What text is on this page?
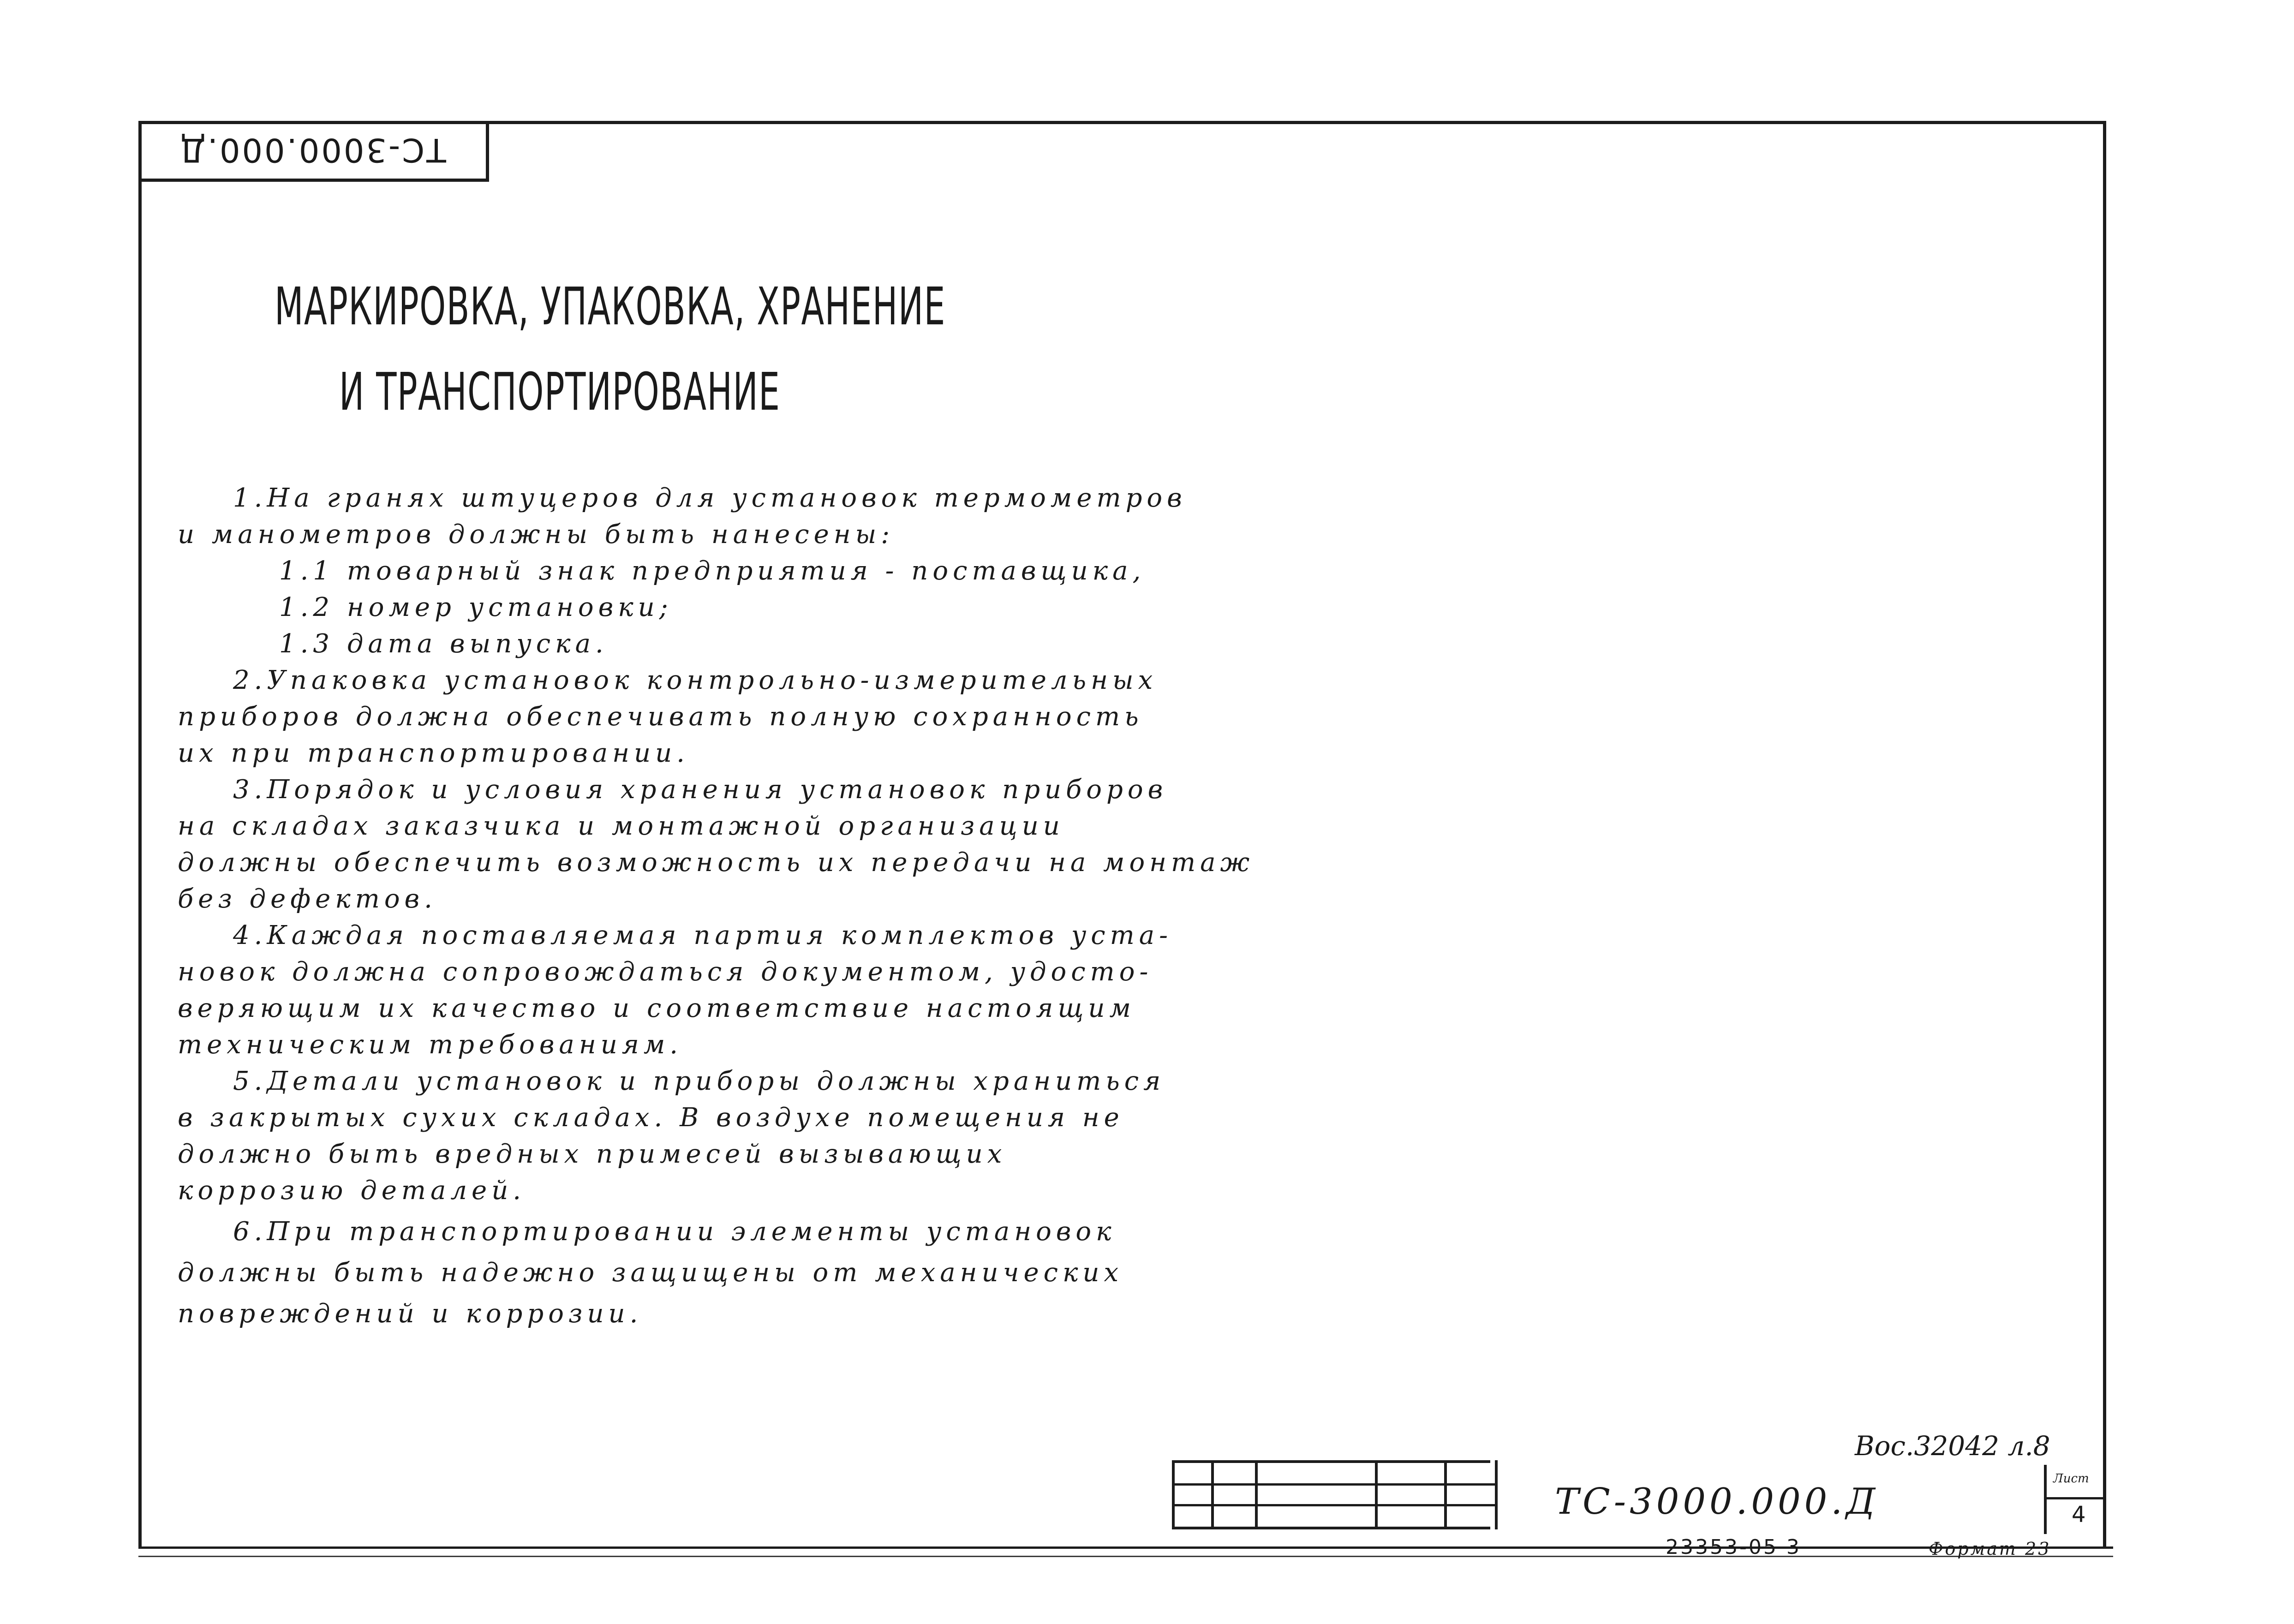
ТС-3000.000.Д
МАРКИРОВКА, УПАКОВКА, ХРАНЕНИЕ
И ТРАНСПОРТИРОВАНИЕ
1.На гранях штуцеров для установок термометров
и манометров должны быть нанесены:
1.1 товарный знак предприятия - поставщика,
1.2 номер установки;
1.3 дата выпуска.
2.Упаковка установок контрольно-измерительных
приборов должна обеспечивать полную сохранность
их при транспортировании.
3.Порядок и условия хранения установок приборов
на складах заказчика и монтажной организации
должны обеспечить возможность их передачи на монтаж
без дефектов.
4.Каждая поставляемая партия комплектов уста-
новок должна сопровождаться документом, удосто-
веряющим их качество и соответствие настоящим
техническим требованиям.
5.Детали установок и приборы должны храниться
в закрытых сухих складах. В воздухе помещения не
должно быть вредных примесей вызывающих
коррозию деталей.
6.При транспортировании элементы установок
должны быть надежно защищены от механических
повреждений и коррозии.
Вос.32042 л.8
ТС-3000.000.Д
Лист
4
23353-05 3	Формат 23
